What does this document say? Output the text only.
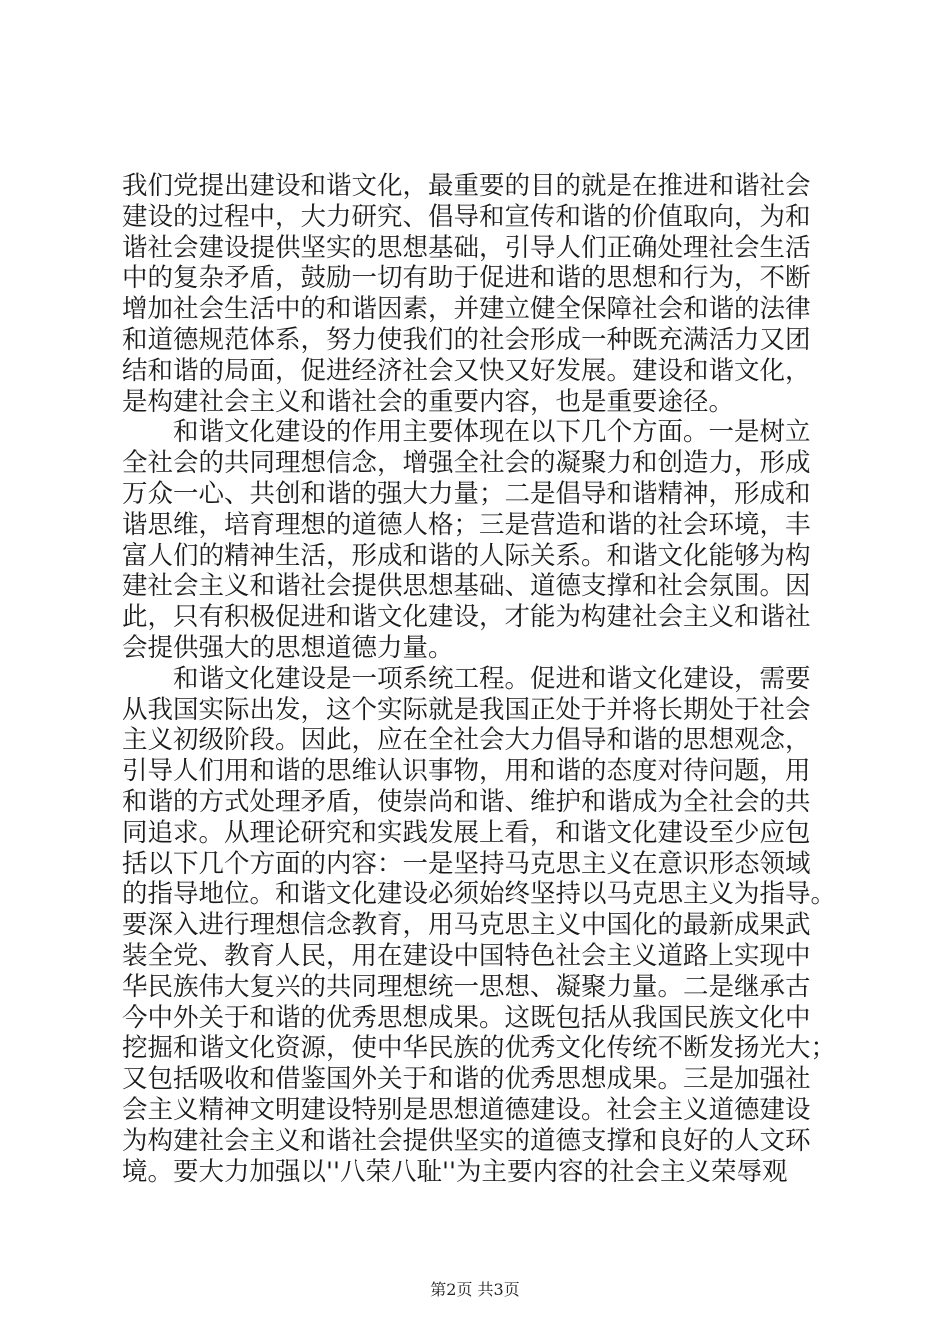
我们党提出建设和谐文化，最重要的目的就是在推进和谐社会
建设的过程中，大力研究、倡导和宣传和谐的价值取向，为和
谐社会建设提供坚实的思想基础，引导人们正确处理社会生活
中的复杂矛盾，鼓励一切有助于促进和谐的思想和行为，不断
增加社会生活中的和谐因素，并建立健全保障社会和谐的法律
和道德规范体系，努力使我们的社会形成一种既充满活力又团
结和谐的局面，促进经济社会又快又好发展。建设和谐文化，
是构建社会主义和谐社会的重要内容，也是重要途径。
　　和谐文化建设的作用主要体现在以下几个方面。一是树立
全社会的共同理想信念，增强全社会的凝聚力和创造力，形成
万众一心、共创和谐的强大力量；二是倡导和谐精神，形成和
谐思维，培育理想的道德人格；三是营造和谐的社会环境，丰
富人们的精神生活，形成和谐的人际关系。和谐文化能够为构
建社会主义和谐社会提供思想基础、道德支撑和社会氛围。因
此，只有积极促进和谐文化建设，才能为构建社会主义和谐社
会提供强大的思想道德力量。
　　和谐文化建设是一项系统工程。促进和谐文化建设，需要
从我国实际出发，这个实际就是我国正处于并将长期处于社会
主义初级阶段。因此，应在全社会大力倡导和谐的思想观念，
引导人们用和谐的思维认识事物，用和谐的态度对待问题，用
和谐的方式处理矛盾，使崇尚和谐、维护和谐成为全社会的共
同追求。从理论研究和实践发展上看，和谐文化建设至少应包
括以下几个方面的内容：一是坚持马克思主义在意识形态领域
的指导地位。和谐文化建设必须始终坚持以马克思主义为指导。
要深入进行理想信念教育，用马克思主义中国化的最新成果武
装全党、教育人民，用在建设中国特色社会主义道路上实现中
华民族伟大复兴的共同理想统一思想、凝聚力量。二是继承古
今中外关于和谐的优秀思想成果。这既包括从我国民族文化中
挖掘和谐文化资源，使中华民族的优秀文化传统不断发扬光大；
又包括吸收和借鉴国外关于和谐的优秀思想成果。三是加强社
会主义精神文明建设特别是思想道德建设。社会主义道德建设
为构建社会主义和谐社会提供坚实的道德支撑和良好的人文环
境。要大力加强以''八荣八耻''为主要内容的社会主义荣辱观
第2页 共3页
